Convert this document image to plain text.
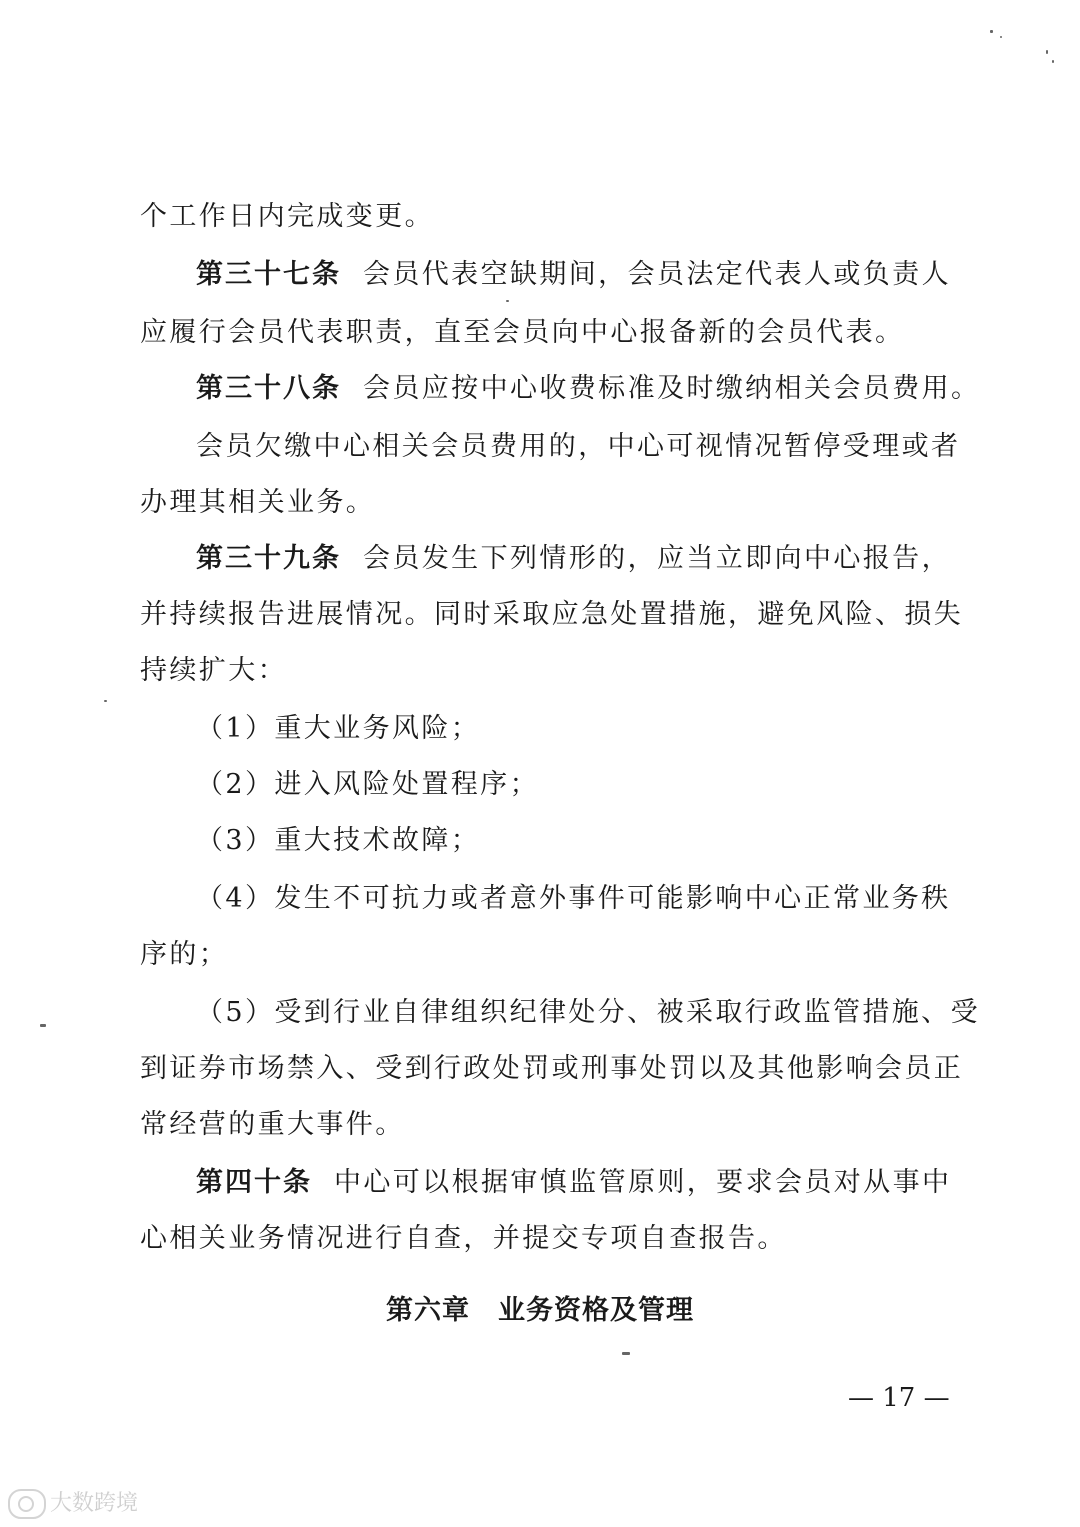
个工作日内完成变更。
第三十七条 会员代表空缺期间，会员法定代表人或负责人
应履行会员代表职责，直至会员向中心报备新的会员代表。
第三十八条 会员应按中心收费标准及时缴纳相关会员费用。
会员欠缴中心相关会员费用的，中心可视情况暂停受理或者
办理其相关业务。
第三十九条 会员发生下列情形的，应当立即向中心报告，
并持续报告进展情况。同时采取应急处置措施，避免风险、损失
持续扩大：
（1）重大业务风险；
（2）进入风险处置程序；
（3）重大技术故障；
（4）发生不可抗力或者意外事件可能影响中心正常业务秩
序的；
（5）受到行业自律组织纪律处分、被采取行政监管措施、受
到证券市场禁入、受到行政处罚或刑事处罚以及其他影响会员正
常经营的重大事件。
第四十条 中心可以根据审慎监管原则，要求会员对从事中
心相关业务情况进行自查，并提交专项自查报告。
第六章 业务资格及管理
— 17 —
大数跨境
